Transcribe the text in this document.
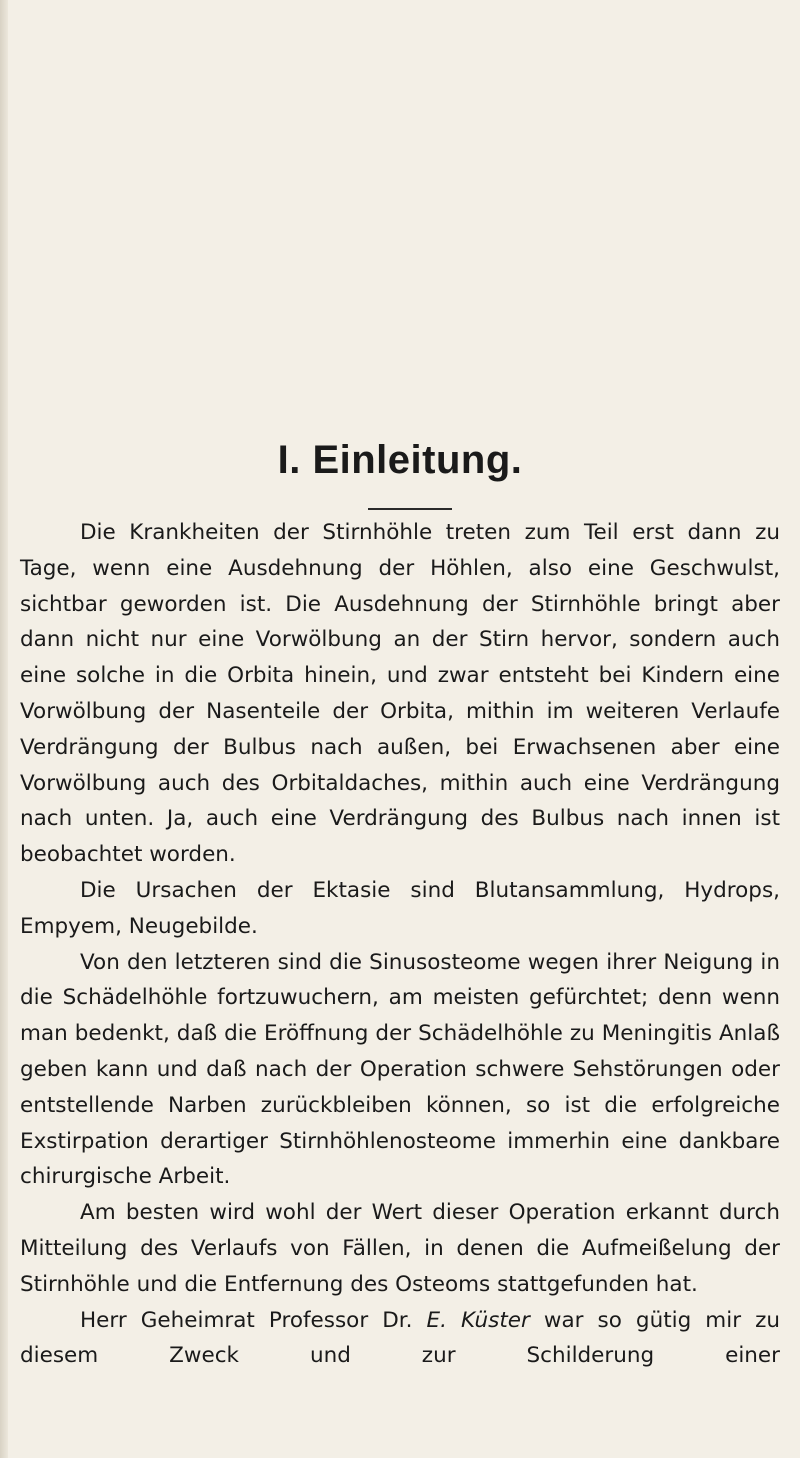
I. Einleitung.

Die Krankheiten der Stirnhöhle treten zum Teil erst dann zu Tage, wenn eine Ausdehnung der Höhlen, also eine Geschwulst, sichtbar geworden ist. Die Ausdehnung der Stirnhöhle bringt aber dann nicht nur eine Vorwölbung an der Stirn hervor, sondern auch eine solche in die Orbita hinein, und zwar entsteht bei Kindern eine Vorwölbung der Nasenteile der Orbita, mithin im weiteren Verlaufe Verdrängung der Bulbus nach außen, bei Erwachsenen aber eine Vorwölbung auch des Orbitaldaches, mithin auch eine Verdrängung nach unten. Ja, auch eine Verdrängung des Bulbus nach innen ist beobachtet worden.

Die Ursachen der Ektasie sind Blutansammlung, Hydrops, Empyem, Neugebilde.

Von den letzteren sind die Sinusosteome wegen ihrer Neigung in die Schädelhöhle fortzuwuchern, am meisten gefürchtet; denn wenn man bedenkt, daß die Eröffnung der Schädelhöhle zu Meningitis Anlaß geben kann und daß nach der Operation schwere Sehstörungen oder entstellende Narben zurückbleiben können, so ist die erfolgreiche Exstirpation derartiger Stirnhöhlenosteome immerhin eine dankbare chirurgische Arbeit.

Am besten wird wohl der Wert dieser Operation erkannt durch Mitteilung des Verlaufs von Fällen, in denen die Aufmeißelung der Stirnhöhle und die Entfernung des Osteoms stattgefunden hat.

Herr Geheimrat Professor Dr. E. Küster war so gütig mir zu diesem Zweck und zur Schilderung einer
